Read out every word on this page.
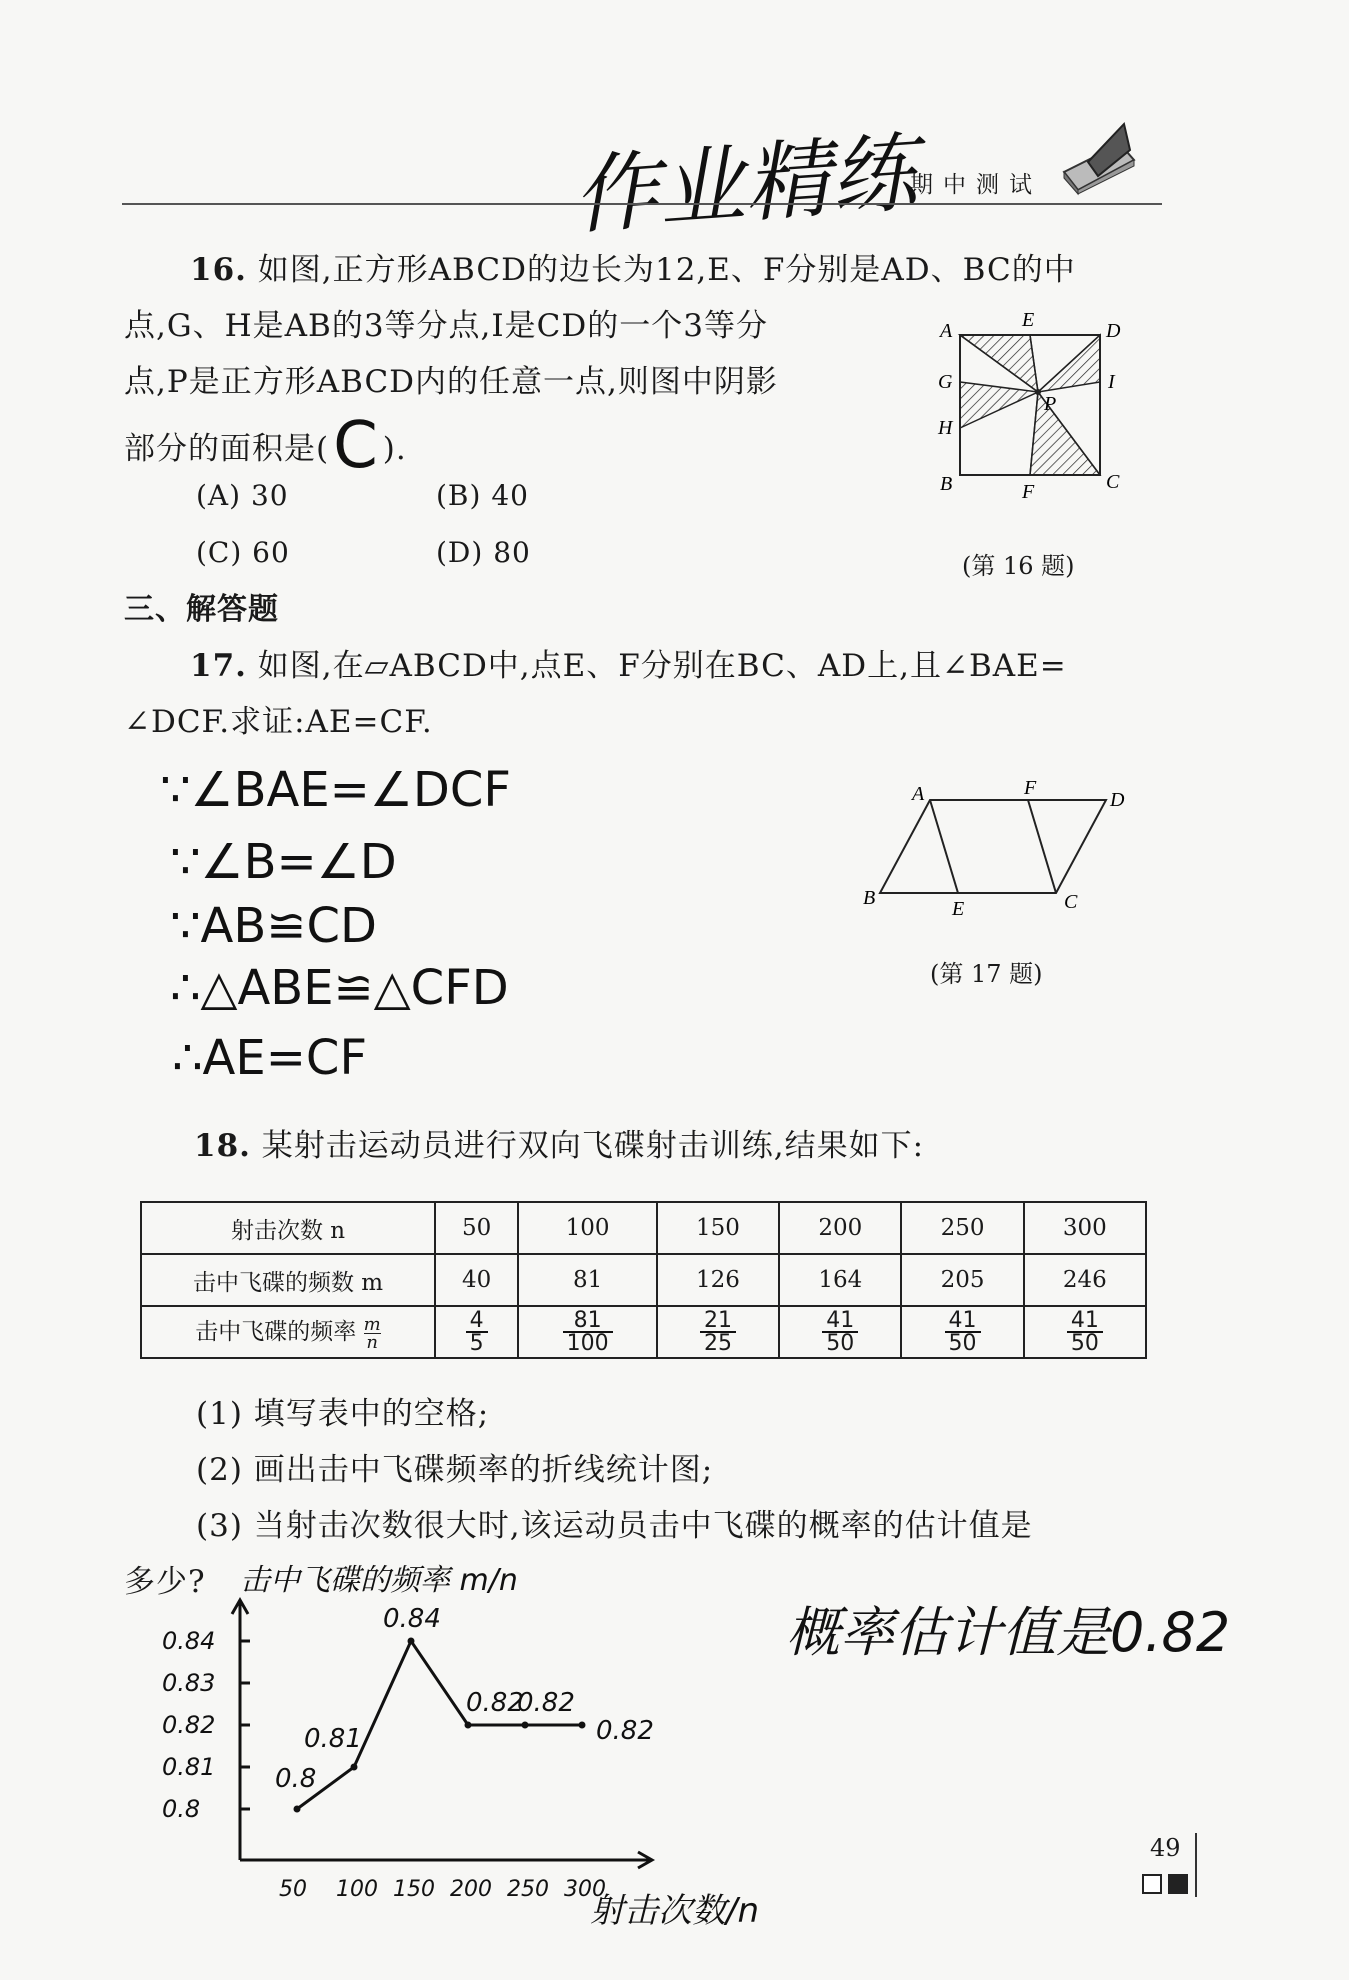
作业精练
期中测试
16. 如图,正方形ABCD的边长为12,E、F分别是AD、BC的中
点,G、H是AB的3等分点,I是CD的一个3等分
点,P是正方形ABCD内的任意一点,则图中阴影
部分的面积是(C ).
(A) 30	(B) 40
(C) 60	(D) 80
A	E	D
G	I
P
H
B	F	C
(第 16 题)
三、解答题
17. 如图,在▱ABCD中,点E、F分别在BC、AD上,且∠BAE=
∠DCF.求证:AE=CF.
∵∠BAE=∠DCF
∵∠B=∠D
∵AB≌CD
∴△ABE≌△CFD
∴AE=CF
A	F
D
B	E	C
(第 17 题)
18. 某射击运动员进行双向飞碟射击训练,结果如下:
射击次数 n	50	100	150	200	250	300
击中飞碟的频数 m	40	81	126	164	205	246
击中飞碟的频率 $\frac{m}{n}$	$\frac{4}{5}$	$\frac{81}{100}$	$\frac{21}{25}$	$\frac{41}{50}$	$\frac{41}{50}$	$\frac{41}{50}$
(1) 填写表中的空格;
(2) 画出击中飞碟频率的折线统计图;
(3) 当射击次数很大时,该运动员击中飞碟的概率的估计值是
多少?
概率估计值是0.82
击中飞碟的频率 m/n
射击次数/n
0.84
0.83
0.82
0.81
0.8
50 100 150 200 250 300
0.8
0.81
0.84
0.82
0.82
0.82
49
